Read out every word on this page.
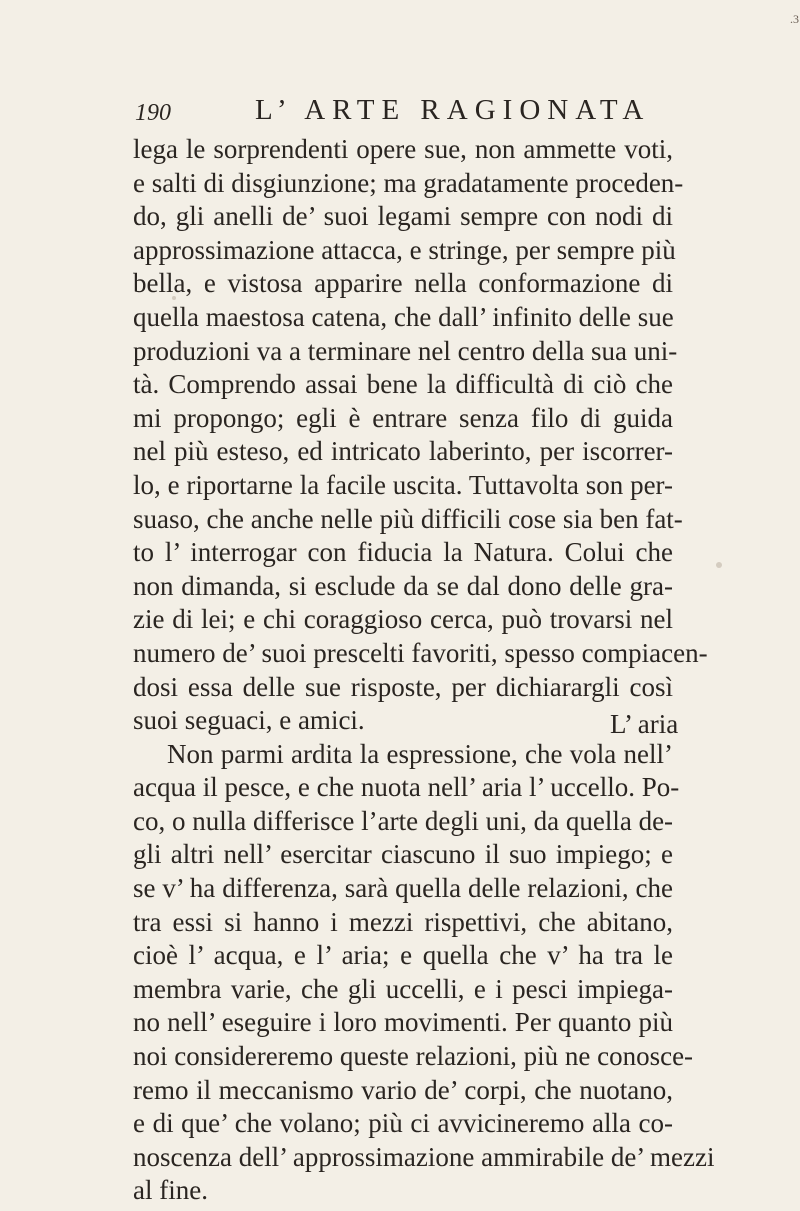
.3
190	L’ ARTE RAGIONATA
lega le sorprendenti opere sue, non ammette voti,
e salti di disgiunzione; ma gradatamente proceden-
do, gli anelli de’ suoi legami sempre con nodi di
approssimazione attacca, e stringe, per sempre più
bella, e vistosa apparire nella conformazione di
quella maestosa catena, che dall’ infinito delle sue
produzioni va a terminare nel centro della sua uni-
tà. Comprendo assai bene la difficultà di ciò che
mi propongo; egli è entrare senza filo di guida
nel più esteso, ed intricato laberinto, per iscorrer-
lo, e riportarne la facile uscita. Tuttavolta son per-
suaso, che anche nelle più difficili cose sia ben fat-
to l’ interrogar con fiducia la Natura. Colui che
non dimanda, si esclude da se dal dono delle gra-
zie di lei; e chi coraggioso cerca, può trovarsi nel
numero de’ suoi prescelti favoriti, spesso compiacen-
dosi essa delle sue risposte, per dichiarargli così
suoi seguaci, e amici.
Non parmi ardita la espressione, che vola nell’
acqua il pesce, e che nuota nell’ aria l’ uccello. Po-
co, o nulla differisce l’arte degli uni, da quella de-
gli altri nell’ esercitar ciascuno il suo impiego; e
se v’ ha differenza, sarà quella delle relazioni, che
tra essi si hanno i mezzi rispettivi, che abitano,
cioè l’ acqua, e l’ aria; e quella che v’ ha tra le
membra varie, che gli uccelli, e i pesci impiega-
no nell’ eseguire i loro movimenti. Per quanto più
noi considereremo queste relazioni, più ne conosce-
remo il meccanismo vario de’ corpi, che nuotano,
e di que’ che volano; più ci avvicineremo alla co-
noscenza dell’ approssimazione ammirabile de’ mezzi
al fine.
L’ aria
